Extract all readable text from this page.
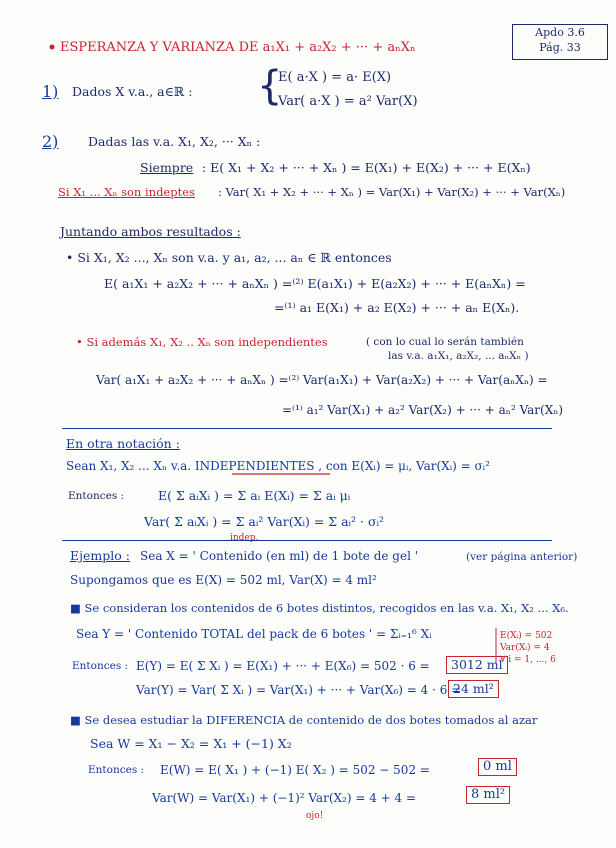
ESPERANZA Y VARIANZA DE a₁X₁ + a₂X₂ + ··· + aₙXₙ
Apdo 3.6
Pág. 33
1) Dados X v.a., a∈ℝ : {
E( a·X ) = a· E(X)
Var( a·X ) = a² Var(X)
2) Dadas las v.a. X₁, X₂, ··· Xₙ :
Siempre : E( X₁ + X₂ + ··· + Xₙ ) = E(X₁) + E(X₂) + ··· + E(Xₙ)
Si X₁ ... Xₙ son indeptes : Var( X₁ + X₂ + ··· + Xₙ ) = Var(X₁) + Var(X₂) + ··· + Var(Xₙ)
Juntando ambos resultados :
• Si X₁, X₂ ..., Xₙ son v.a. y a₁, a₂, ... aₙ ∈ ℝ entonces
E( a₁X₁ + a₂X₂ + ··· + aₙXₙ ) =⁽²⁾ E(a₁X₁) + E(a₂X₂) + ··· + E(aₙXₙ) =
=⁽¹⁾ a₁ E(X₁) + a₂ E(X₂) + ··· + aₙ E(Xₙ).
• Si además X₁, X₂ .. Xₙ son independientes	( con lo cual lo serán también
las v.a. a₁X₁, a₂X₂, ... aₙXₙ )
Var( a₁X₁ + a₂X₂ + ··· + aₙXₙ ) =⁽²⁾ Var(a₁X₁) + Var(a₂X₂) + ··· + Var(aₙXₙ) =
=⁽¹⁾ a₁² Var(X₁) + a₂² Var(X₂) + ··· + aₙ² Var(Xₙ)
En otra notación :
Sean X₁, X₂ ... Xₙ v.a. INDEPENDIENTES , con E(Xᵢ) = μᵢ, Var(Xᵢ) = σᵢ²
Entonces :	E( Σ aᵢXᵢ ) = Σ aᵢ E(Xᵢ) = Σ aᵢ μᵢ
Var( Σ aᵢXᵢ ) = Σ aᵢ² Var(Xᵢ) = Σ aᵢ² · σᵢ²
indep.
Ejemplo : Sea X = ' Contenido (en ml) de 1 bote de gel '	(ver página anterior)
Supongamos que es E(X) = 502 ml, Var(X) = 4 ml²
■ Se consideran los contenidos de 6 botes distintos, recogidos en las v.a. X₁, X₂ ... X₆.
Sea Y = ' Contenido TOTAL del pack de 6 botes ' = Σᵢ₌₁⁶ Xᵢ	E(Xᵢ) = 502
Var(Xᵢ) = 4
∀ i = 1, ..., 6
Entonces : E(Y) = E( Σ Xᵢ ) = E(X₁) + ··· + E(X₆) = 502 · 6 =	3012 ml
Var(Y) = Var( Σ Xᵢ ) = Var(X₁) + ··· + Var(X₆) = 4 · 6 =
24 ml²
■ Se desea estudiar la DIFERENCIA de contenido de dos botes tomados al azar
Sea W = X₁ − X₂ = X₁ + (−1) X₂
Entonces : E(W) = E( X₁ ) + (−1) E( X₂ ) = 502 − 502 =	0 ml
Var(W) = Var(X₁) + (−1)² Var(X₂) = 4 + 4 =	8 ml²
ojo!
